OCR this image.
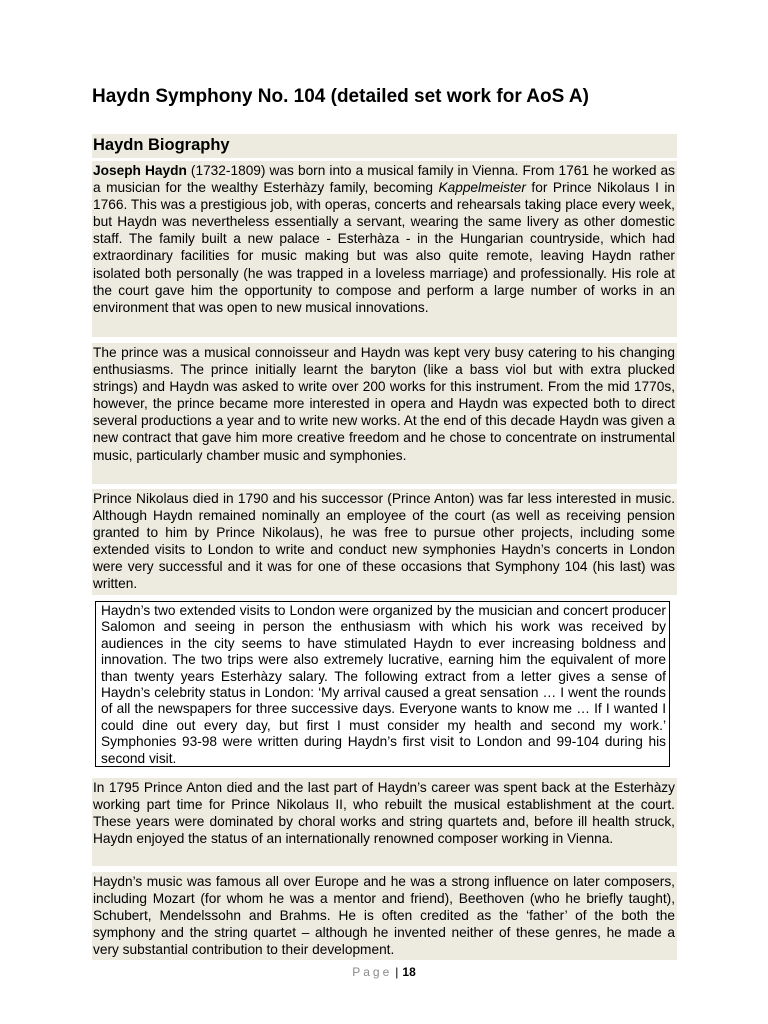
Haydn Symphony No. 104 (detailed set work for AoS A)
Haydn Biography

Joseph Haydn (1732-1809) was born into a musical family in Vienna. From 1761 he worked as a musician for the wealthy Esterhàzy family, becoming Kappelmeister for Prince Nikolaus I in 1766. This was a prestigious job, with operas, concerts and rehearsals taking place every week, but Haydn was nevertheless essentially a servant, wearing the same livery as other domestic staff. The family built a new palace - Esterhàza - in the Hungarian countryside, which had extraordinary facilities for music making but was also quite remote, leaving Haydn rather isolated both personally (he was trapped in a loveless marriage) and professionally. His role at the court gave him the opportunity to compose and perform a large number of works in an environment that was open to new musical innovations.

The prince was a musical connoisseur and Haydn was kept very busy catering to his changing enthusiasms. The prince initially learnt the baryton (like a bass viol but with extra plucked strings) and Haydn was asked to write over 200 works for this instrument. From the mid 1770s, however, the prince became more interested in opera and Haydn was expected both to direct several productions a year and to write new works. At the end of this decade Haydn was given a new contract that gave him more creative freedom and he chose to concentrate on instrumental music, particularly chamber music and symphonies.

Prince Nikolaus died in 1790 and his successor (Prince Anton) was far less interested in music. Although Haydn remained nominally an employee of the court (as well as receiving pension granted to him by Prince Nikolaus), he was free to pursue other projects, including some extended visits to London to write and conduct new symphonies Haydn’s concerts in London were very successful and it was for one of these occasions that Symphony 104 (his last) was written.

Haydn’s two extended visits to London were organized by the musician and concert producer Salomon and seeing in person the enthusiasm with which his work was received by audiences in the city seems to have stimulated Haydn to ever increasing boldness and innovation. The two trips were also extremely lucrative, earning him the equivalent of more than twenty years Esterhàzy salary. The following extract from a letter gives a sense of Haydn’s celebrity status in London: ‘My arrival caused a great sensation … I went the rounds of all the newspapers for three successive days. Everyone wants to know me … If I wanted I could dine out every day, but first I must consider my health and second my work.’ Symphonies 93-98 were written during Haydn’s first visit to London and 99-104 during his second visit.

In 1795 Prince Anton died and the last part of Haydn’s career was spent back at the Esterhàzy working part time for Prince Nikolaus II, who rebuilt the musical establishment at the court. These years were dominated by choral works and string quartets and, before ill health struck, Haydn enjoyed the status of an internationally renowned composer working in Vienna.

Haydn’s music was famous all over Europe and he was a strong influence on later composers, including Mozart (for whom he was a mentor and friend), Beethoven (who he briefly taught), Schubert, Mendelssohn and Brahms. He is often credited as the ‘father’ of the both the symphony and the string quartet – although he invented neither of these genres, he made a very substantial contribution to their development.

Page | 18
